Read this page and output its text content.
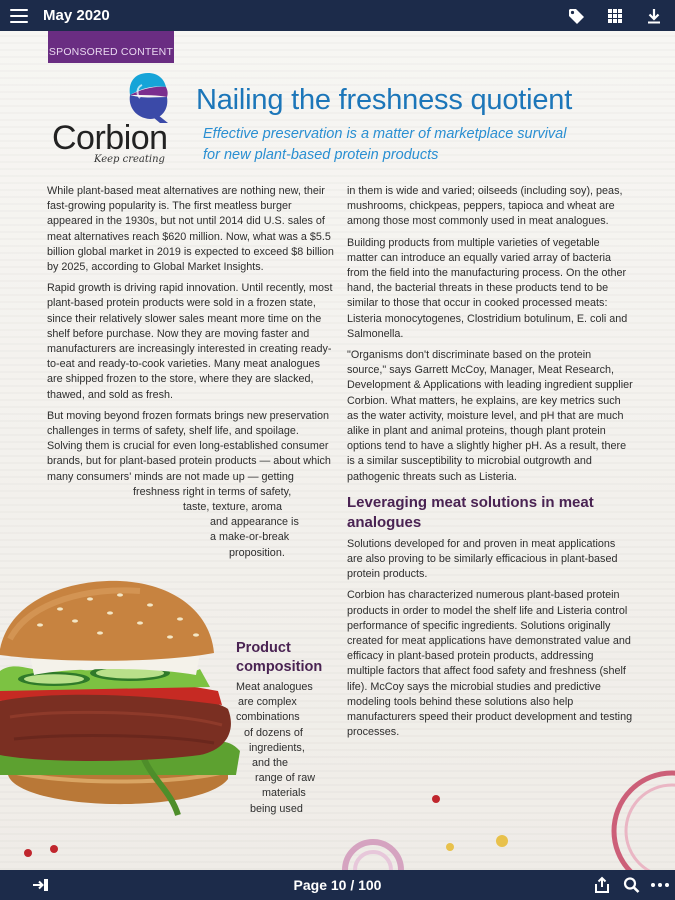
May 2020
SPONSORED CONTENT
Corbion
Keep creating
Nailing the freshness quotient
Effective preservation is a matter of marketplace survival
for new plant-based protein products

While plant-based meat alternatives are nothing new, their fast-growing popularity is. The first meatless burger appeared in the 1930s, but not until 2014 did U.S. sales of meat alternatives reach $620 million. Now, what was a $5.5 billion global market in 2019 is expected to exceed $8 billion by 2025, according to Global Market Insights.

Rapid growth is driving rapid innovation. Until recently, most plant-based protein products were sold in a frozen state, since their relatively slower sales meant more time on the shelf before purchase. Now they are moving faster and manufacturers are increasingly interested in creating ready-to-eat and ready-to-cook varieties. Many meat analogues are shipped frozen to the store, where they are slacked, thawed, and sold as fresh.

But moving beyond frozen formats brings new preservation challenges in terms of safety, shelf life, and spoilage. Solving them is crucial for even long-established consumer brands, but for plant-based protein products — about which many consumers' minds are not made up — getting

freshness right in terms of safety,
taste, texture, aroma
and appearance is
a make-or-break
proposition.
Product
composition
Meat analogues
are complex
combinations
of dozens of
ingredients,
and the
range of raw
materials
being used

in them is wide and varied; oilseeds (including soy), peas, mushrooms, chickpeas, peppers, tapioca and wheat are among those most commonly used in meat analogues.

Building products from multiple varieties of vegetable matter can introduce an equally varied array of bacteria from the field into the manufacturing process. On the other hand, the bacterial threats in these products tend to be similar to those that occur in cooked processed meats: Listeria monocytogenes, Clostridium botulinum, E. coli and Salmonella.

"Organisms don't discriminate based on the protein source," says Garrett McCoy, Manager, Meat Research, Development & Applications with leading ingredient supplier Corbion. What matters, he explains, are key metrics such as the water activity, moisture level, and pH that are much alike in plant and animal proteins, though plant protein options tend to have a slightly higher pH. As a result, there is a similar susceptibility to microbial outgrowth and pathogenic threats such as Listeria.

Leveraging meat solutions in meat analogues

Solutions developed for and proven in meat applications are also proving to be similarly efficacious in plant-based protein products.

Corbion has characterized numerous plant-based protein products in order to model the shelf life and Listeria control performance of specific ingredients. Solutions originally created for meat applications have demonstrated value and efficacy in plant-based protein products, addressing multiple factors that affect food safety and freshness (shelf life). McCoy says the microbial studies and predictive modeling tools behind these solutions also help manufacturers speed their product development and testing processes.

Page 10 / 100
